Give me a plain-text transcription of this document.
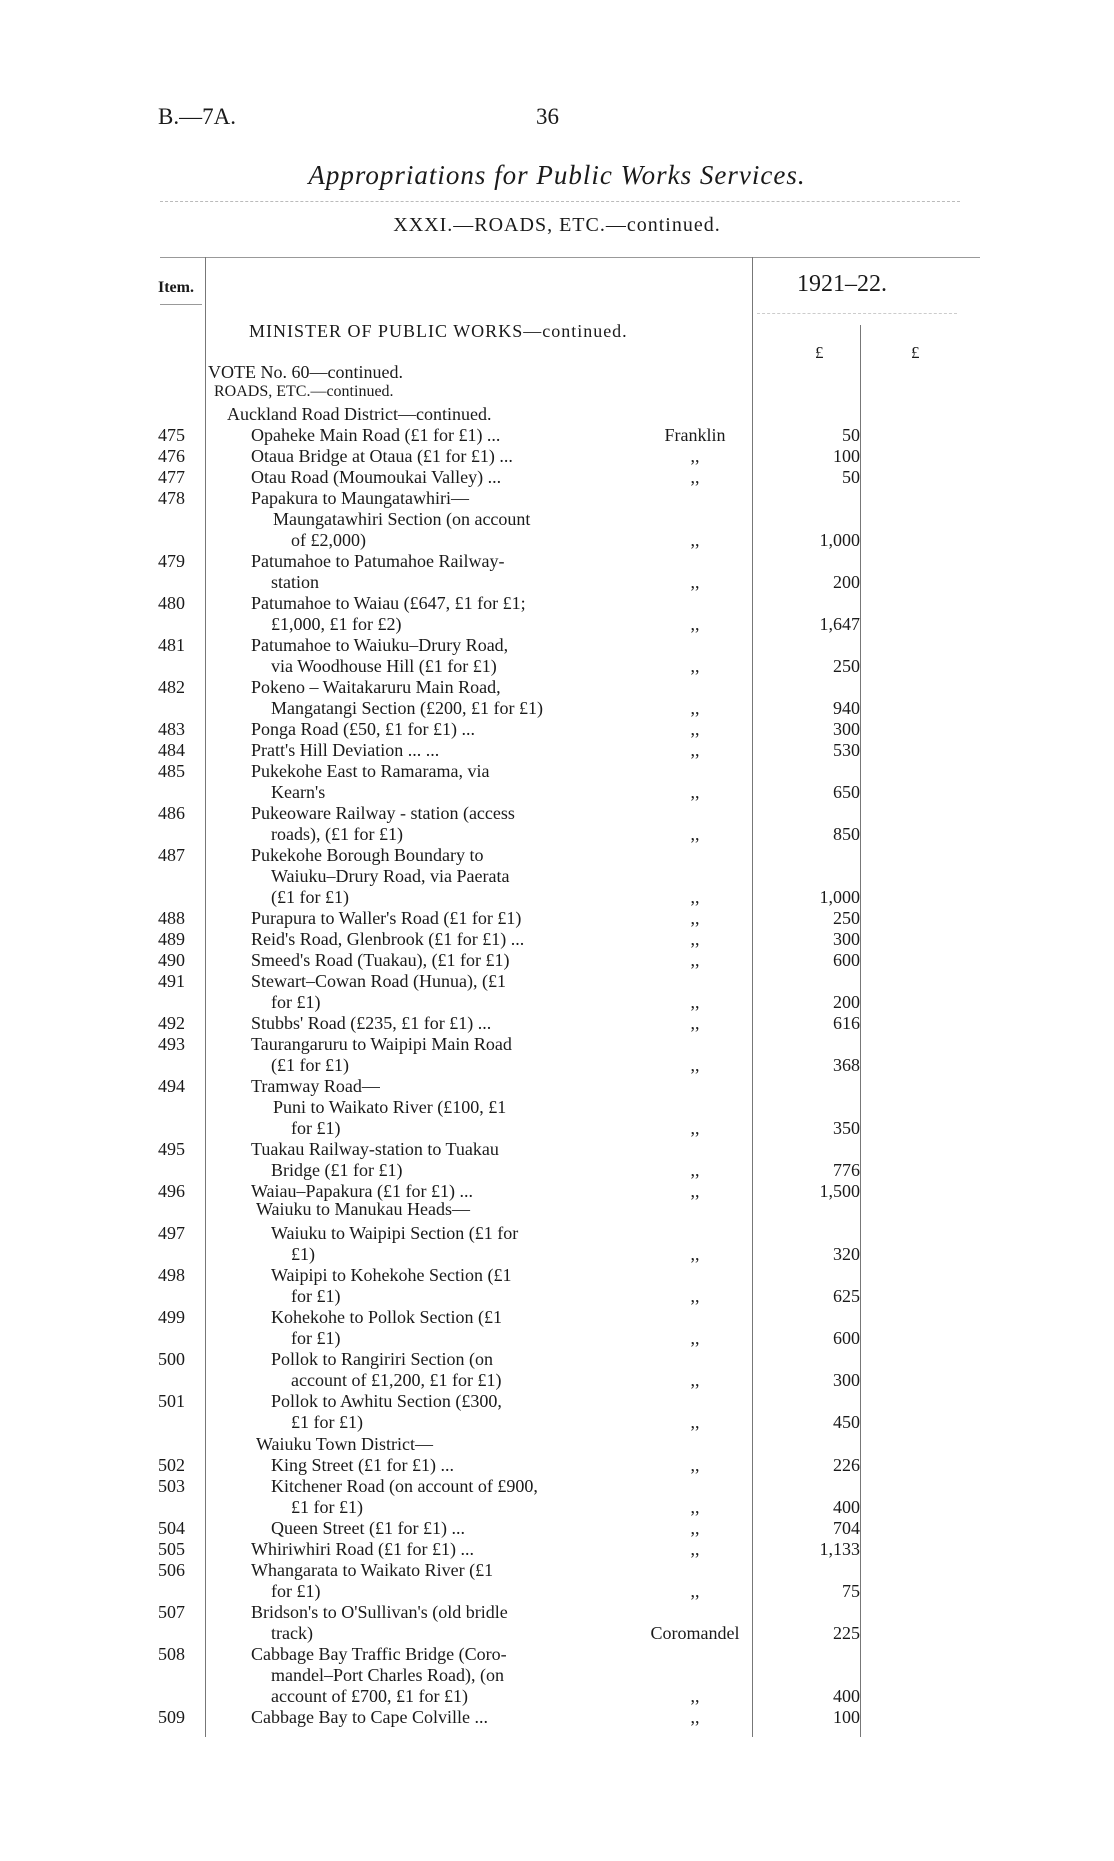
B.—7A.	36
Appropriations for Public Works Services.
XXXI.—ROADS, ETC.—continued.
Item.	1921–22.
£	£
MINISTER OF PUBLIC WORKS—continued.
VOTE No. 60—continued.
ROADS, ETC.—continued.
Auckland Road District—continued.
Waiuku to Manukau Heads—
Waiuku Town District—
475	Opaheke Main Road (£1 for £1) ...	Franklin	50
476	Otaua Bridge at Otaua (£1 for £1) ...	,,	100
477	Otau Road (Moumoukai Valley) ...	,,	50
478	Papakura to Maungatawhiri—
Maungatawhiri Section (on account
of £2,000)	,,	1,000
479	Patumahoe to Patumahoe Railway-
station	,,	200
480	Patumahoe to Waiau (£647, £1 for £1;
£1,000, £1 for £2)	,,	1,647
481	Patumahoe to Waiuku–Drury Road,
via Woodhouse Hill (£1 for £1)	,,	250
482	Pokeno – Waitakaruru Main Road,
Mangatangi Section (£200, £1 for £1)	,,	940
483	Ponga Road (£50, £1 for £1) ...	,,	300
484	Pratt's Hill Deviation ... ...	,,	530
485	Pukekohe East to Ramarama, via
Kearn's	,,	650
486	Pukeoware Railway - station (access
roads), (£1 for £1)	,,	850
487	Pukekohe Borough Boundary to
Waiuku–Drury Road, via Paerata
(£1 for £1)	,,	1,000
488	Purapura to Waller's Road (£1 for £1)	,,	250
489	Reid's Road, Glenbrook (£1 for £1) ...	,,	300
490	Smeed's Road (Tuakau), (£1 for £1)	,,	600
491	Stewart–Cowan Road (Hunua), (£1
for £1)	,,	200
492	Stubbs' Road (£235, £1 for £1) ...	,,	616
493	Taurangaruru to Waipipi Main Road
(£1 for £1)	,,	368
494	Tramway Road—
Puni to Waikato River (£100, £1
for £1)	,,	350
495	Tuakau Railway-station to Tuakau
Bridge (£1 for £1)	,,	776
496	Waiau–Papakura (£1 for £1) ...	,,	1,500
497	Waiuku to Waipipi Section (£1 for
£1)	,,	320
498	Waipipi to Kohekohe Section (£1
for £1)	,,	625
499	Kohekohe to Pollok Section (£1
for £1)	,,	600
500	Pollok to Rangiriri Section (on
account of £1,200, £1 for £1)	,,	300
501	Pollok to Awhitu Section (£300,
£1 for £1)	,,	450
502	King Street (£1 for £1) ...	,,	226
503	Kitchener Road (on account of £900,
£1 for £1)	,,	400
504	Queen Street (£1 for £1) ...	,,	704
505	Whiriwhiri Road (£1 for £1) ...	,,	1,133
506	Whangarata to Waikato River (£1
for £1)	,,	75
507	Bridson's to O'Sullivan's (old bridle
track)	Coromandel	225
508	Cabbage Bay Traffic Bridge (Coro-
mandel–Port Charles Road), (on
account of £700, £1 for £1)	,,	400
509	Cabbage Bay to Cape Colville ...	,,	100
